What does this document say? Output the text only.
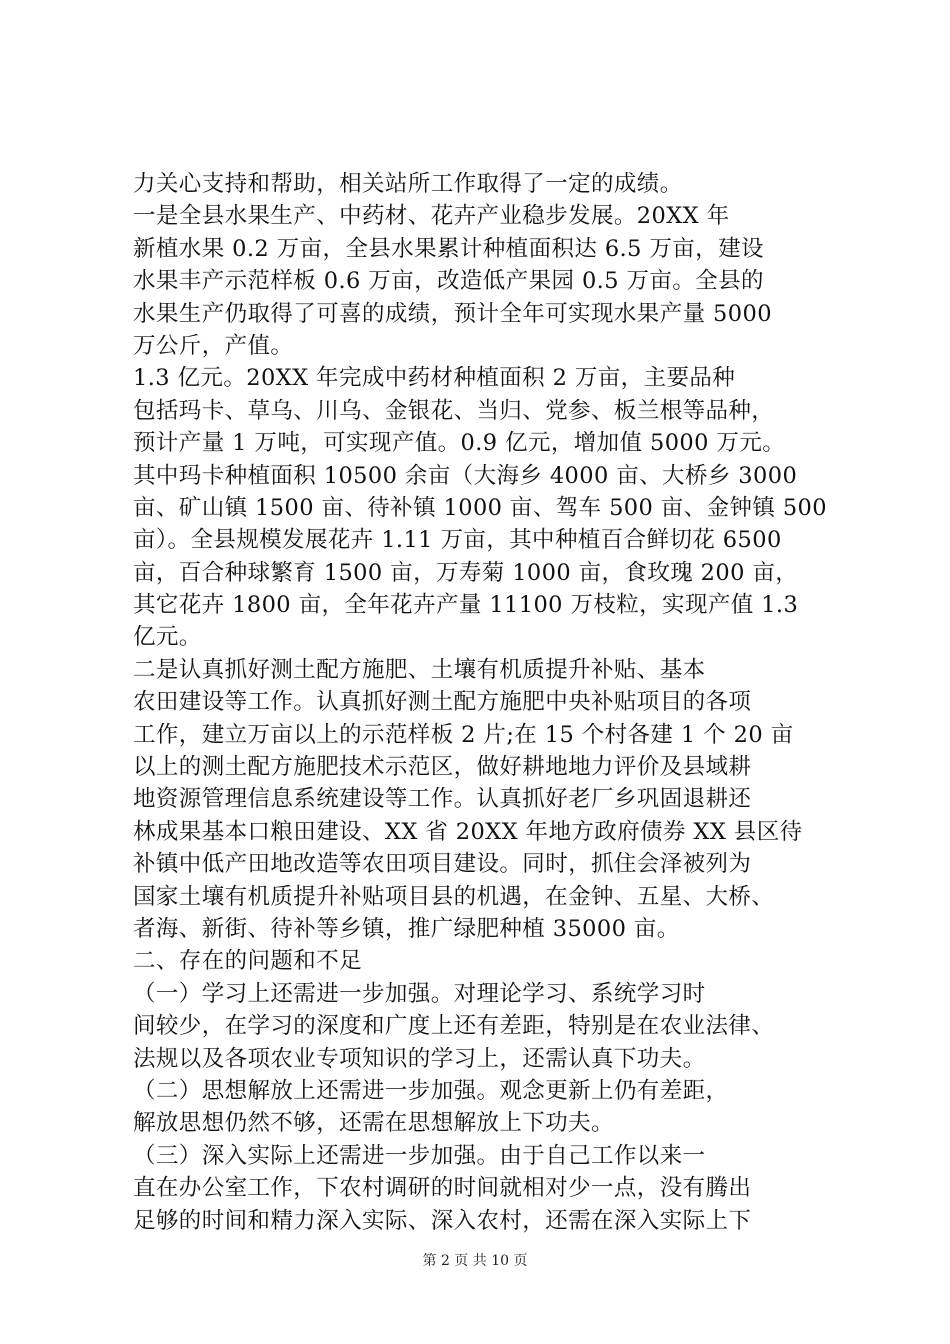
力关心支持和帮助，相关站所工作取得了一定的成绩。
一是全县水果生产、中药材、花卉产业稳步发展。20XX 年
新植水果 0.2 万亩，全县水果累计种植面积达 6.5 万亩，建设
水果丰产示范样板 0.6 万亩，改造低产果园 0.5 万亩。全县的
水果生产仍取得了可喜的成绩，预计全年可实现水果产量 5000
万公斤，产值。
1.3 亿元。20XX 年完成中药材种植面积 2 万亩，主要品种
包括玛卡、草乌、川乌、金银花、当归、党参、板兰根等品种，
预计产量 1 万吨，可实现产值。0.9 亿元，增加值 5000 万元。
其中玛卡种植面积 10500 余亩（大海乡 4000 亩、大桥乡 3000
亩、矿山镇 1500 亩、待补镇 1000 亩、驾车 500 亩、金钟镇 500
亩）。全县规模发展花卉 1.11 万亩，其中种植百合鲜切花 6500
亩，百合种球繁育 1500 亩，万寿菊 1000 亩，食玫瑰 200 亩，
其它花卉 1800 亩，全年花卉产量 11100 万枝粒，实现产值 1.3
亿元。
二是认真抓好测土配方施肥、土壤有机质提升补贴、基本
农田建设等工作。认真抓好测土配方施肥中央补贴项目的各项
工作，建立万亩以上的示范样板 2 片;在 15 个村各建 1 个 20 亩
以上的测土配方施肥技术示范区，做好耕地地力评价及县域耕
地资源管理信息系统建设等工作。认真抓好老厂乡巩固退耕还
林成果基本口粮田建设、XX 省 20XX 年地方政府债券 XX 县区待
补镇中低产田地改造等农田项目建设。同时，抓住会泽被列为
国家土壤有机质提升补贴项目县的机遇，在金钟、五星、大桥、
者海、新街、待补等乡镇，推广绿肥种植 35000 亩。
二、存在的问题和不足
（一）学习上还需进一步加强。对理论学习、系统学习时
间较少，在学习的深度和广度上还有差距，特别是在农业法律、
法规以及各项农业专项知识的学习上，还需认真下功夫。
（二）思想解放上还需进一步加强。观念更新上仍有差距，
解放思想仍然不够，还需在思想解放上下功夫。
（三）深入实际上还需进一步加强。由于自己工作以来一
直在办公室工作，下农村调研的时间就相对少一点，没有腾出
足够的时间和精力深入实际、深入农村，还需在深入实际上下
第 2 页 共 10 页
